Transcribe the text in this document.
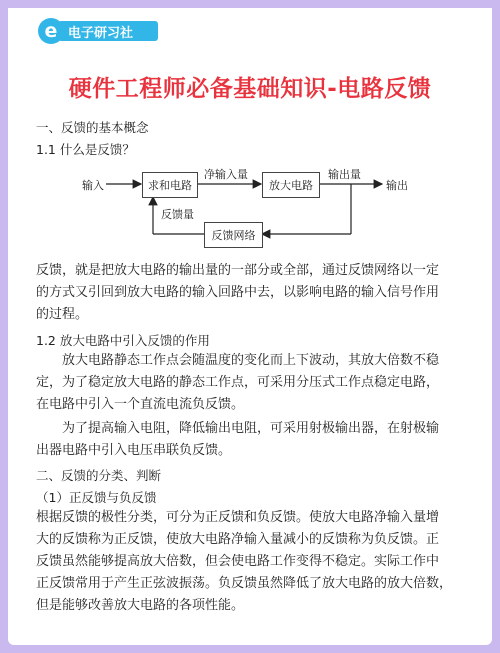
e 电子研习社
硬件工程师必备基础知识-电路反馈
一、反馈的基本概念
1.1 什么是反馈？
输入	求和电路
净输入量
放大电路
输出量
输出
反馈量
反馈网络
反馈，就是把放大电路的输出量的一部分或全部，通过反馈网络以一定
的方式又引回到放大电路的输入回路中去，以影响电路的输入信号作用
的过程。
1.2 放大电路中引入反馈的作用
放大电路静态工作点会随温度的变化而上下波动，其放大倍数不稳
定，为了稳定放大电路的静态工作点，可采用分压式工作点稳定电路，
在电路中引入一个直流电流负反馈。
为了提高输入电阻，降低输出电阻，可采用射极输出器，在射极输
出器电路中引入电压串联负反馈。
二、反馈的分类、判断
（1）正反馈与负反馈
根据反馈的极性分类，可分为正反馈和负反馈。使放大电路净输入量增
大的反馈称为正反馈，使放大电路净输入量减小的反馈称为负反馈。正
反馈虽然能够提高放大倍数，但会使电路工作变得不稳定。实际工作中
正反馈常用于产生正弦波振荡。负反馈虽然降低了放大电路的放大倍数，
但是能够改善放大电路的各项性能。
